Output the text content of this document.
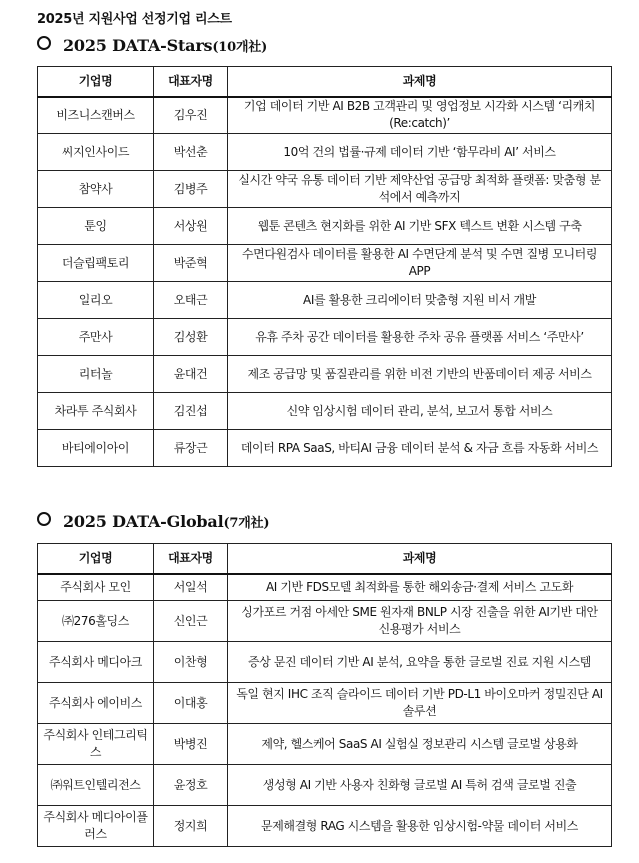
2025년 지원사업 선정기업 리스트
2025 DATA-Stars(10개社)
기업명	대표자명	과제명
비즈니스캔버스	김우진	기업 데이터 기반 AI B2B 고객관리 및 영업정보 시각화 시스템 ‘리캐치(Re:catch)’
씨지인사이드	박선춘	10억 건의 법률·규제 데이터 기반 ‘함무라비 AI’ 서비스
참약사	김병주	실시간 약국 유통 데이터 기반 제약산업 공급망 최적화 플랫폼: 맞춤형 분석에서 예측까지
툰잉	서상원	웹툰 콘텐츠 현지화를 위한 AI 기반 SFX 텍스트 변환 시스템 구축
더슬립팩토리	박준혁	수면다원검사 데이터를 활용한 AI 수면단계 분석 및 수면 질병 모니터링 APP
일리오	오태근	AI를 활용한 크리에이터 맞춤형 지원 비서 개발
주만사	김성환	유휴 주차 공간 데이터를 활용한 주차 공유 플랫폼 서비스 ‘주만사’
리터놀	윤대건	제조 공급망 및 품질관리를 위한 비전 기반의 반품데이터 제공 서비스
차라투 주식회사	김진섭	신약 임상시험 데이터 관리, 분석, 보고서 통합 서비스
바티에이아이	류장근	데이터 RPA SaaS, 바티AI 금융 데이터 분석 & 자금 흐름 자동화 서비스
2025 DATA-Global(7개社)
기업명	대표자명	과제명
주식회사 모인	서일석	AI 기반 FDS모델 최적화를 통한 해외송금·결제 서비스 고도화
㈜276홀딩스	신인근	싱가포르 거점 아세안 SME 원자재 BNLP 시장 진출을 위한 AI기반 대안 신용평가 서비스
주식회사 메디아크	이찬형	증상 문진 데이터 기반 AI 분석, 요약을 통한 글로벌 진료 지원 시스템
주식회사 에이비스	이대홍	독일 현지 IHC 조직 슬라이드 데이터 기반 PD-L1 바이오마커 정밀진단 AI 솔루션
주식회사 인테그리틱스	박병진	제약, 헬스케어 SaaS AI 실험실 정보관리 시스템 글로벌 상용화
㈜워트인텔리전스	윤정호	생성형 AI 기반 사용자 친화형 글로벌 AI 특허 검색 글로벌 진출
주식회사 메디아이플러스	정지희	문제해결형 RAG 시스템을 활용한 임상시험-약물 데이터 서비스
